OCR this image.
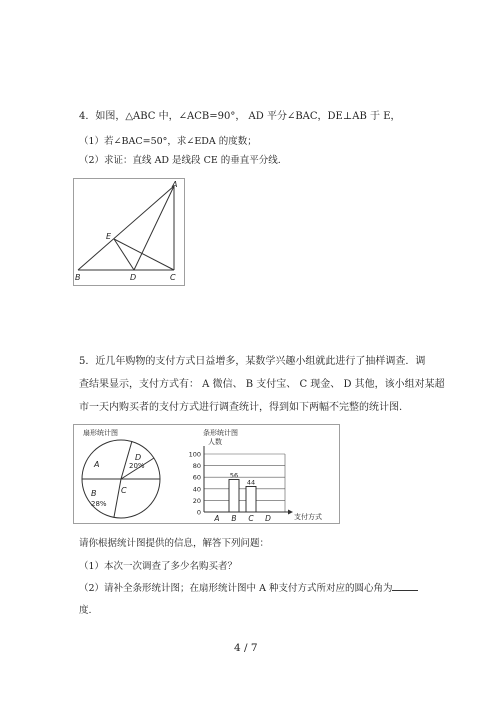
4．如图，△ABC 中，∠ACB=90°， AD 平分∠BAC，DE⊥AB 于 E，
（1）若∠BAC=50°，求∠EDA 的度数；
（2）求证：直线 AD 是线段 CE 的垂直平分线.
A
E
B	D	C
5．近几年购物的支付方式日益增多，某数学兴趣小组就此进行了抽样调查．调
查结果显示，支付方式有： A 微信、 B 支付宝、 C 现金、 D 其他，该小组对某超
市一天内购买者的支付方式进行调查统计，得到如下两幅不完整的统计图.
扇形统计图
A
D
20%
C
B
28%
条形统计图
人数
0
20
40
60
80
100
56
44
A B C D	支付方式
请你根据统计图提供的信息，解答下列问题：
（1）本次一次调查了多少名购买者？
（2）请补全条形统计图；在扇形统计图中 A 种支付方式所对应的圆心角为
度.
4 / 7
